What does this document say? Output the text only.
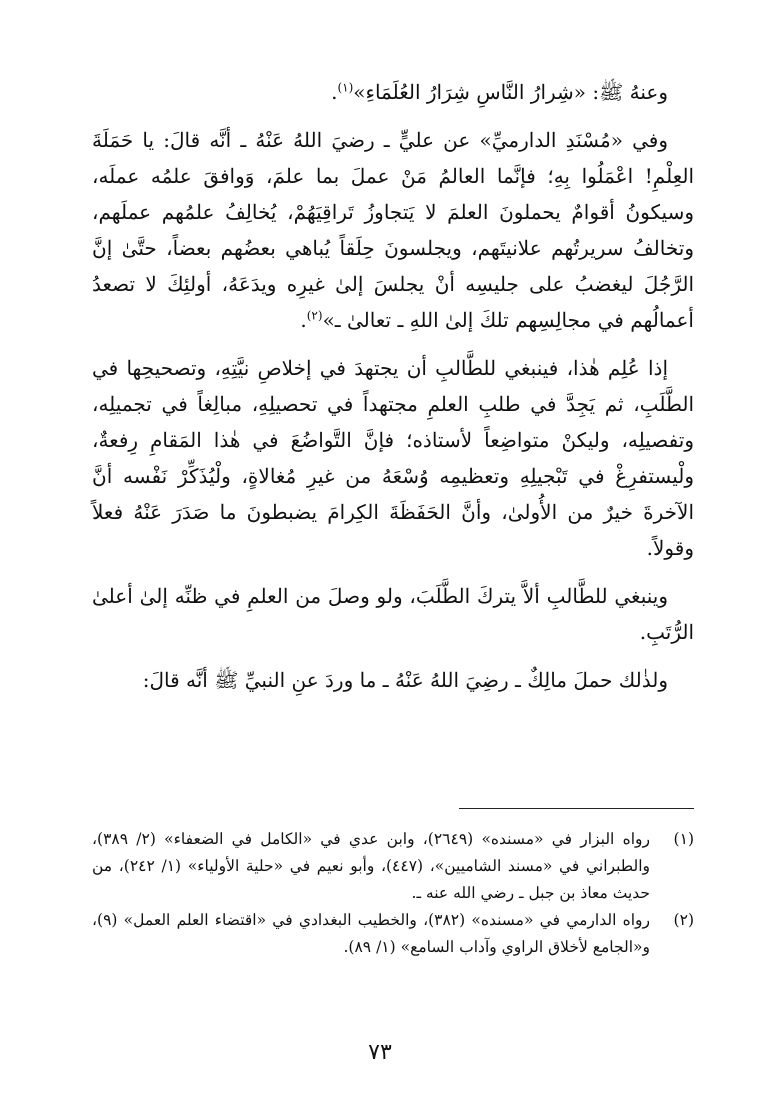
وعنهُ ﷺ: «شِرارُ النَّاسِ شِرَارُ العُلَمَاءِ»$^{(١)}$.

وفي «مُسْنَدِ الدارميِّ» عن عليٍّ ـ رضيَ اللهُ عَنْهُ ـ أنَّه قالَ: يا حَمَلَةَ العِلْمِ! اعْمَلُوا بِهِ؛ فإنَّما العالمُ مَنْ عملَ بما علمَ، وَوافقَ علمُه عملَه، وسيكونُ أقوامٌ يحملونَ العلمَ لا يَتجاوزُ تَراقِيَهُمْ، يُخالِفُ علمُهم عملَهم، وتخالفُ سريرتُهم علانيتَهم، ويجلسونَ حِلَقاً يُباهي بعضُهم بعضاً، حتَّىٰ إنَّ الرَّجُلَ ليغضبُ على جليسِه أنْ يجلسَ إلىٰ غيرِه ويدَعَهُ، أولئِكَ لا تصعدُ أعمالُهم في مجالِسِهم تلكَ إلىٰ اللهِ ـ تعالىٰ ـ»$^{(٢)}$.

إذا عُلِم هٰذا، فينبغي للطَّالبِ أن يجتهدَ في إخلاصِ نيَّتِهِ، وتصحيحِها في الطَّلَبِ، ثم يَجِدَّ في طلبِ العلمِ مجتهداً في تحصيلِهِ، مبالِغاً في تجميلِه، وتفصيلِه، وليكنْ متواضِعاً لأستاذه؛ فإنَّ التَّواضُعَ في هٰذا المَقامِ رِفعةٌ، ولْيستفرِغْ في تَبْجيلِهِ وتعظيمِه وُسْعَهُ من غيرِ مُغالاةٍ، ولْيُذَكِّرْ نَفْسه أنَّ الآخرةَ خيرٌ من الأُولىٰ، وأنَّ الحَفَظَةَ الكِرامَ يضبطونَ ما صَدَرَ عَنْهُ فعلاً وقولاً.

وينبغي للطَّالبِ ألاَّ يتركَ الطَّلَبَ، ولو وصلَ من العلمِ في ظنِّه إلىٰ أعلىٰ الرُّتَبِ.

ولذٰلك حملَ مالِكٌ ـ رضِيَ اللهُ عَنْهُ ـ ما وردَ عنِ النبيِّ ﷺ أنَّه قالَ:

(١)
رواه البزار في «مسنده» (٢٦٤٩)، وابن عدي في «الكامل في الضعفاء» (٢/ ٣٨٩)، والطبراني في «مسند الشاميين»، (٤٤٧)، وأبو نعيم في «حلية الأولياء» (١/ ٢٤٢)، من حديث معاذ بن جبل ـ رضي الله عنه ـ.
(٢)
رواه الدارمي في «مسنده» (٣٨٢)، والخطيب البغدادي في «اقتضاء العلم العمل» (٩)، و«الجامع لأخلاق الراوي وآداب السامع» (١/ ٨٩).
٧٣
